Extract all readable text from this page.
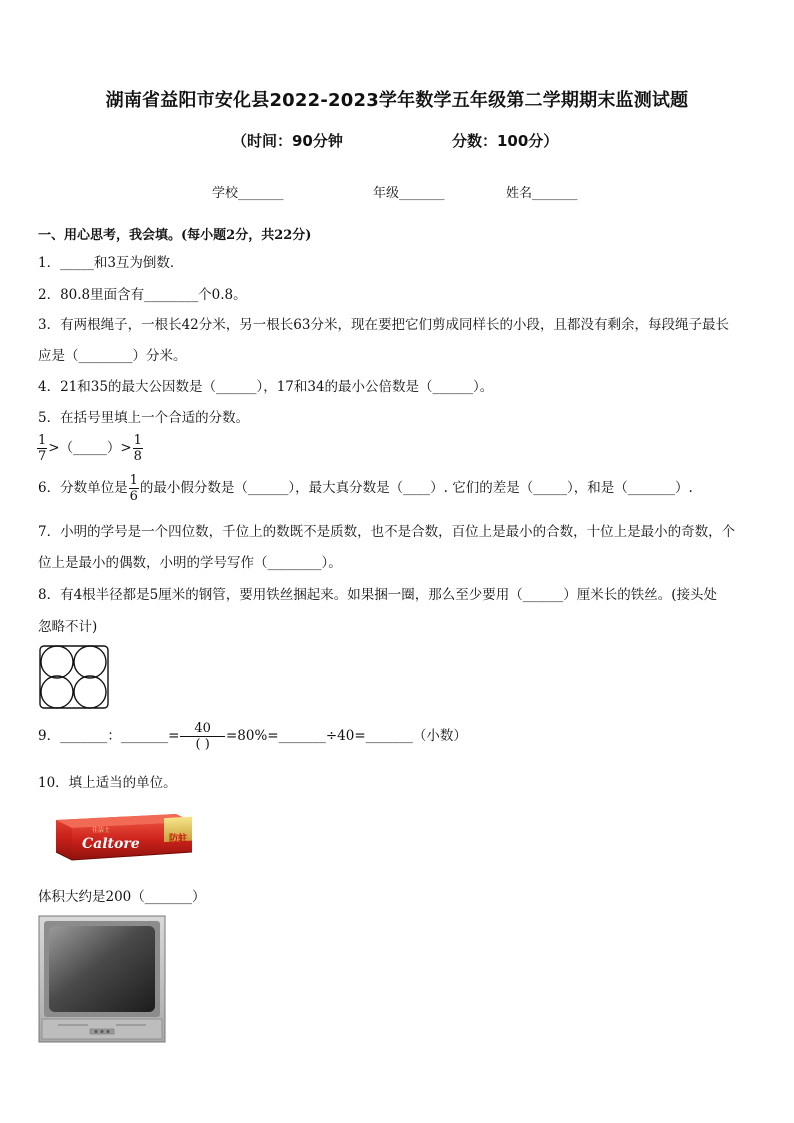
湖南省益阳市安化县2022-2023学年数学五年级第二学期期末监测试题
（时间：90分钟	分数：100分）
学校_______	年级_______	姓名_______
一、用心思考，我会填。(每小题2分，共22分)
1．_____和3互为倒数．
2．80.8里面含有________个0.8。
3．有两根绳子，一根长42分米，另一根长63分米，现在要把它们剪成同样长的小段，且都没有剩余，每段绳子最长
应是（________）分米。
4．21和35的最大公因数是（______），17和34的最小公倍数是（______）。
5．在括号里填上一个合适的分数。
$\frac{1}{7}$ >（_____）> $\frac{1}{8}$
6．分数单位是 $\frac{1}{6}$ 的最小假分数是（______），最大真分数是（____）. 它们的差是（_____），和是（_______）.
7．小明的学号是一个四位数，千位上的数既不是质数，也不是合数，百位上是最小的合数，十位上是最小的奇数，个
位上是最小的偶数，小明的学号写作（________）。
8．有4根半径都是5厘米的钢管，要用铁丝捆起来。如果捆一圈，那么至少要用（______）厘米长的铁丝。(接头处
忽略不计)
9．_______：_______= $\frac{40}{( )}$ =80%=_______÷40=_______（小数）
10．填上适当的单位。
防蛀
佳洁士
Caltore
体积大约是200（_______）
